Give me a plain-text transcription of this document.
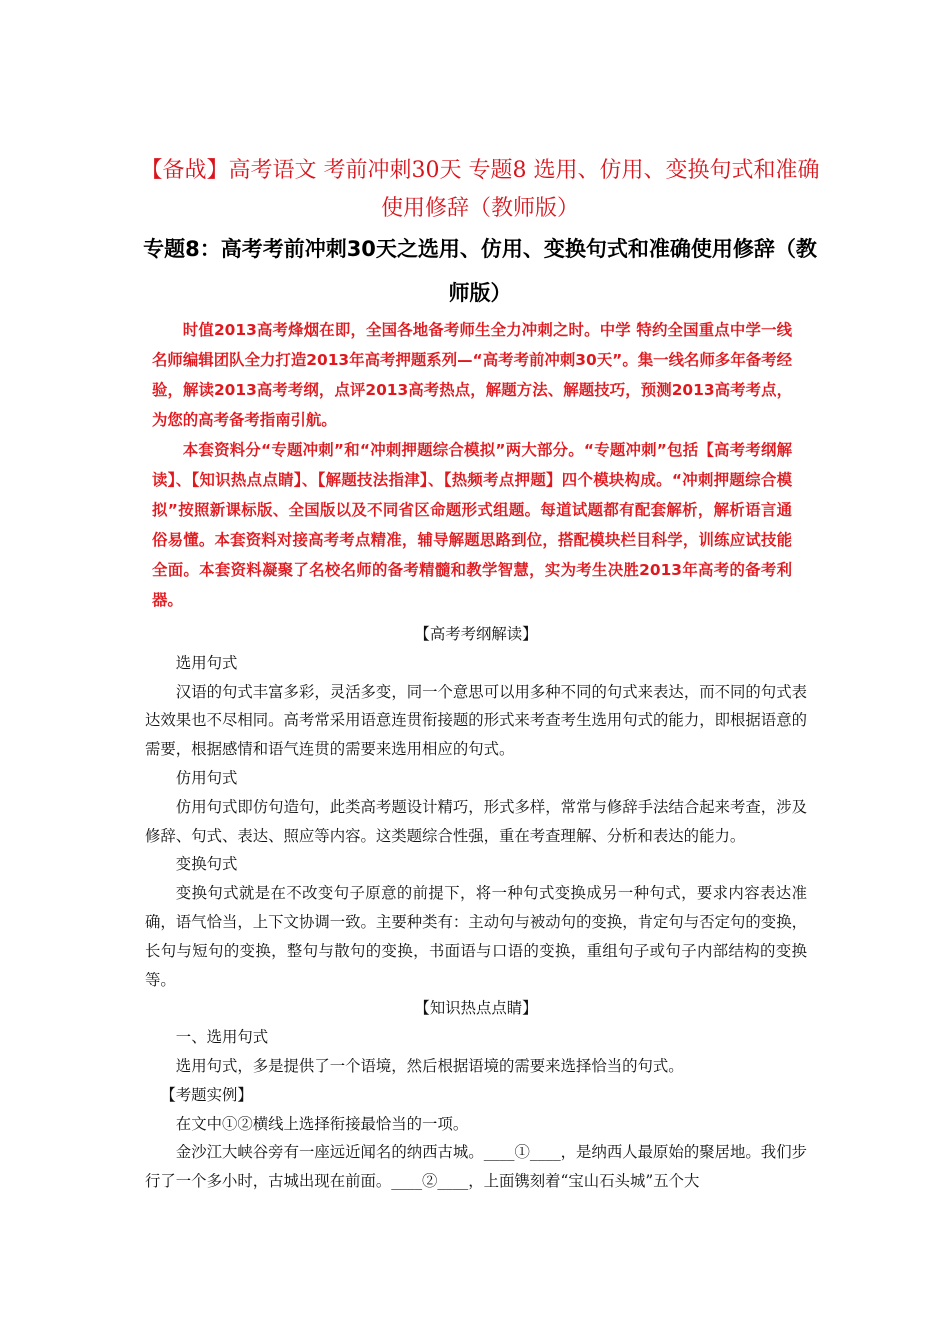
【备战】高考语文 考前冲刺30天 专题8 选用、仿用、变换句式和准确使用修辞（教师版）
专题8：高考考前冲刺30天之选用、仿用、变换句式和准确使用修辞（教师版）

时值2013高考烽烟在即，全国各地备考师生全力冲刺之时。中学 特约全国重点中学一线名师编辑团队全力打造2013年高考押题系列—“高考考前冲刺30天”。集一线名师多年备考经验，解读2013高考考纲，点评2013高考热点，解题方法、解题技巧，预测2013高考考点，为您的高考备考指南引航。

本套资料分“专题冲刺”和“冲刺押题综合模拟”两大部分。“专题冲刺”包括【高考考纲解读】、【知识热点点睛】、【解题技法指津】、【热频考点押题】四个模块构成。“冲刺押题综合模拟”按照新课标版、全国版以及不同省区命题形式组题。每道试题都有配套解析，解析语言通俗易懂。本套资料对接高考考点精准，辅导解题思路到位，搭配模块栏目科学，训练应试技能全面。本套资料凝聚了名校名师的备考精髓和教学智慧，实为考生决胜2013年高考的备考利器。

【高考考纲解读】

选用句式

汉语的句式丰富多彩，灵活多变，同一个意思可以用多种不同的句式来表达，而不同的句式表达效果也不尽相同。高考常采用语意连贯衔接题的形式来考查考生选用句式的能力，即根据语意的需要，根据感情和语气连贯的需要来选用相应的句式。

仿用句式

仿用句式即仿句造句，此类高考题设计精巧，形式多样，常常与修辞手法结合起来考查，涉及修辞、句式、表达、照应等内容。这类题综合性强，重在考查理解、分析和表达的能力。

变换句式

变换句式就是在不改变句子原意的前提下，将一种句式变换成另一种句式，要求内容表达准确，语气恰当，上下文协调一致。主要种类有：主动句与被动句的变换，肯定句与否定句的变换，长句与短句的变换，整句与散句的变换，书面语与口语的变换，重组句子或句子内部结构的变换等。

【知识热点点睛】

一、选用句式

选用句式，多是提供了一个语境，然后根据语境的需要来选择恰当的句式。

【考题实例】

在文中①②横线上选择衔接最恰当的一项。

金沙江大峡谷旁有一座远近闻名的纳西古城。____①____，是纳西人最原始的聚居地。我们步行了一个多小时，古城出现在前面。____②____，上面镌刻着“宝山石头城”五个大
